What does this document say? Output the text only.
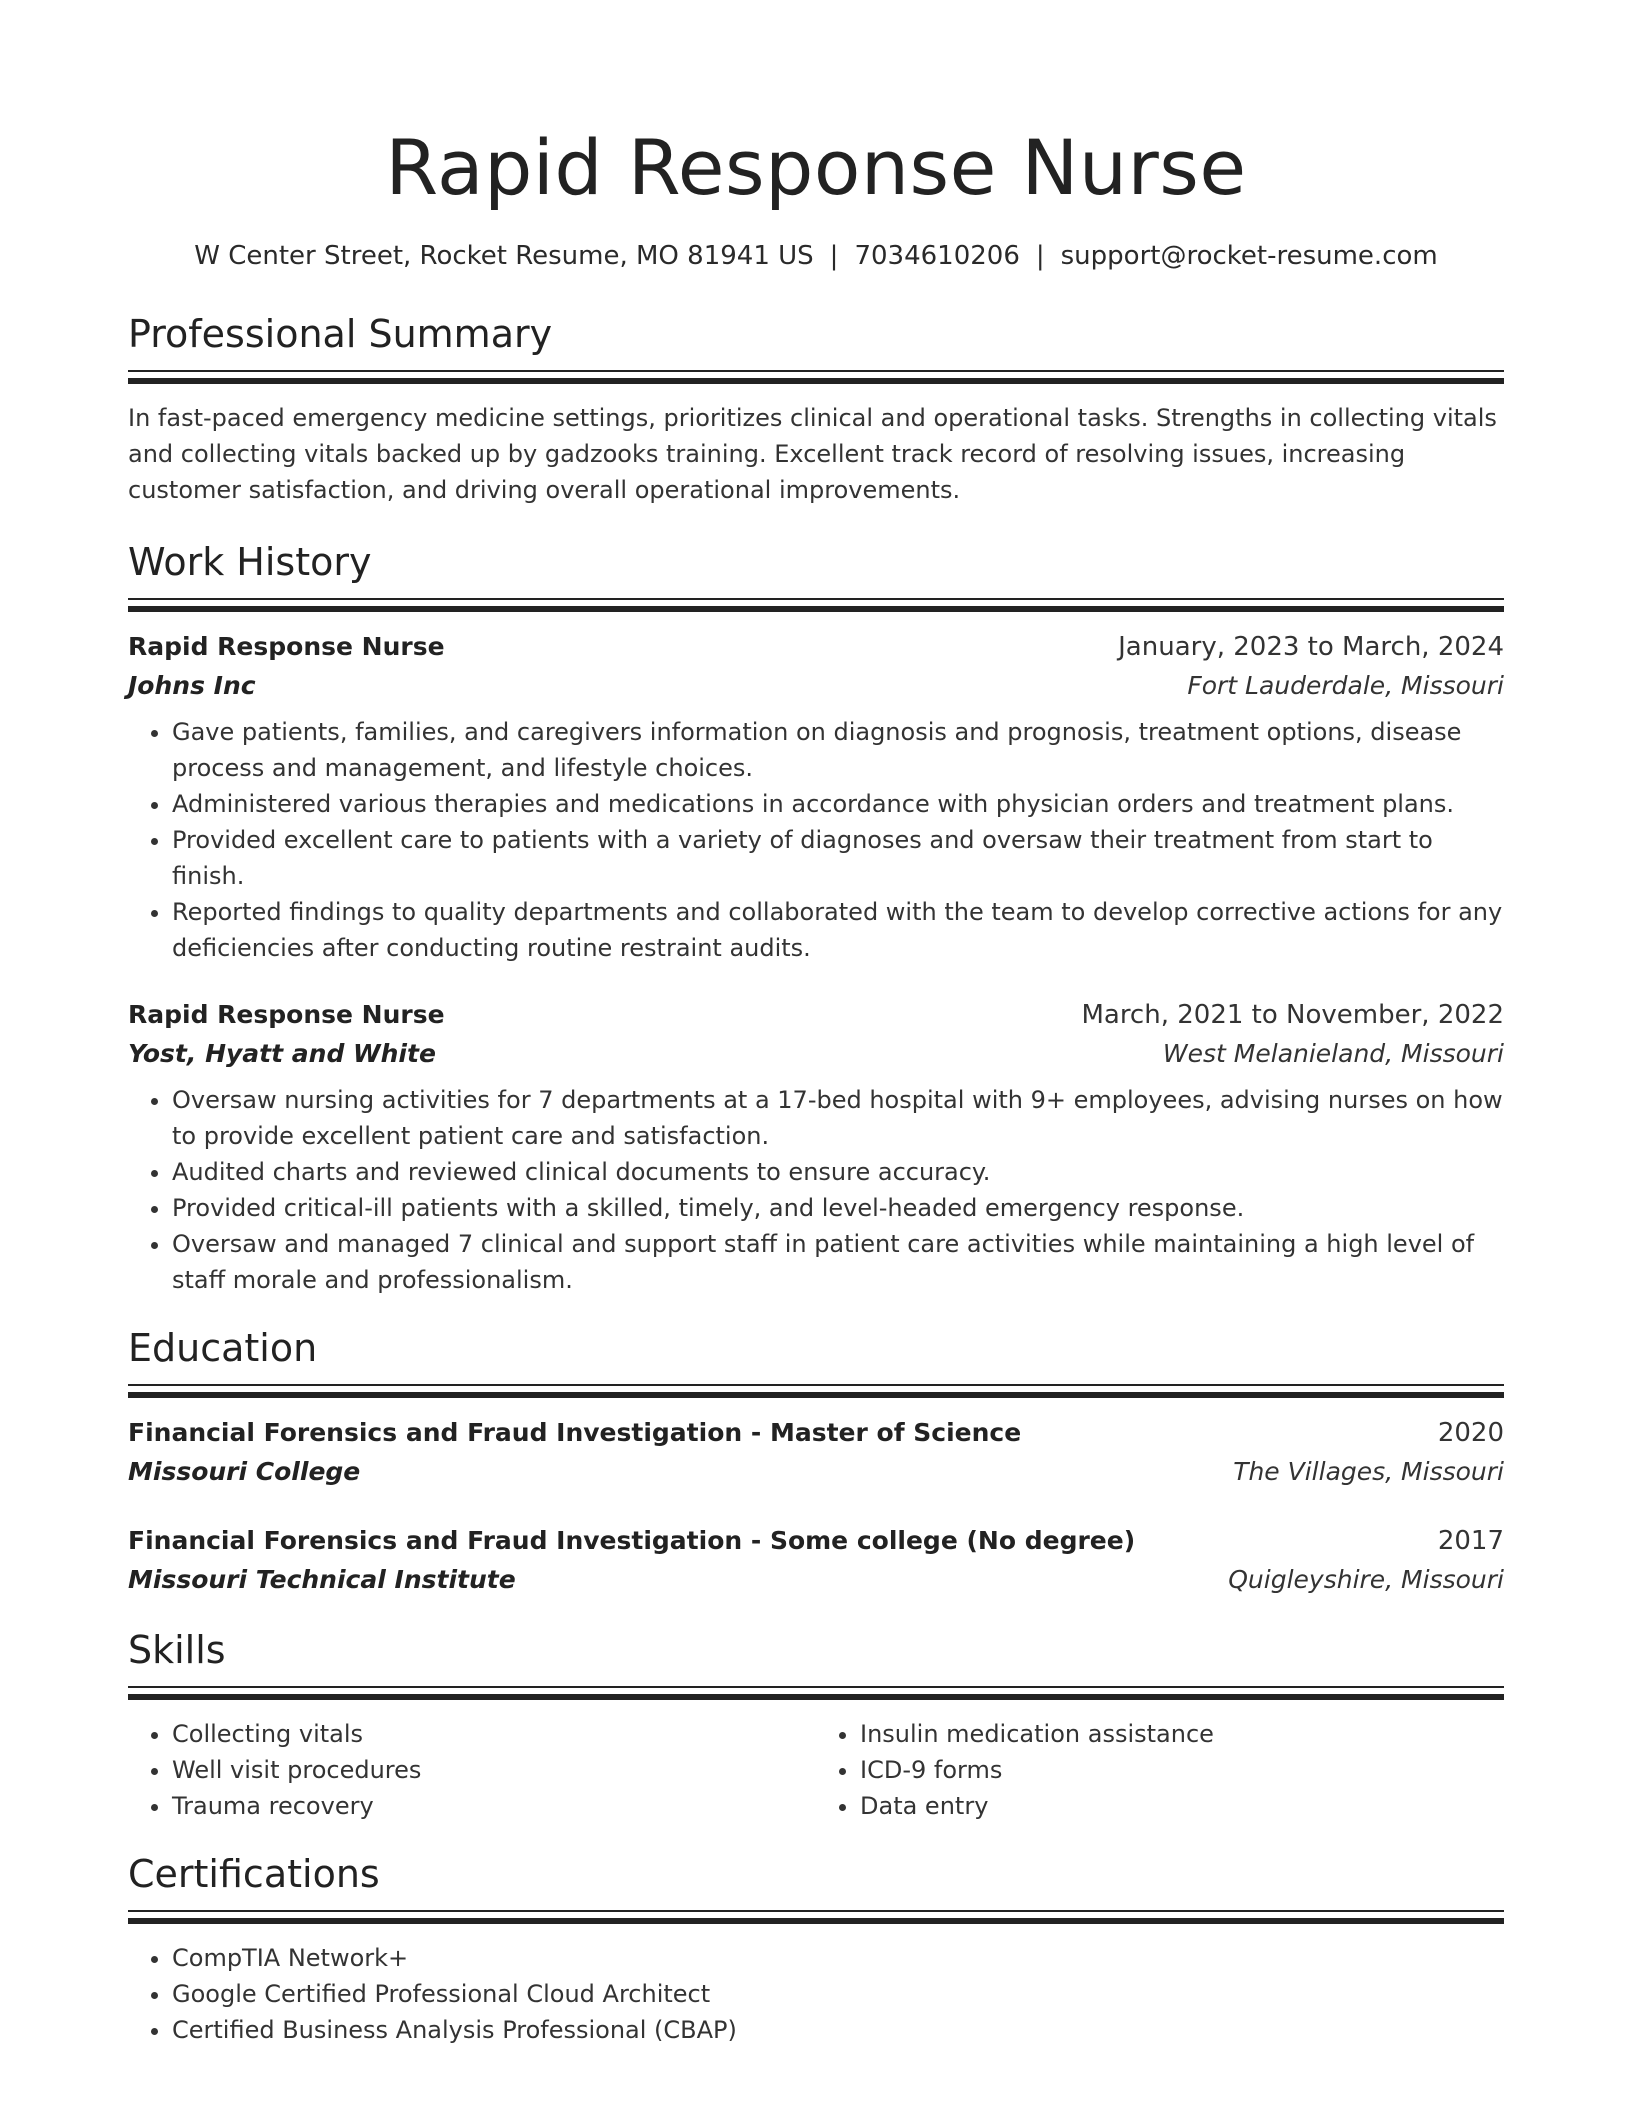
Rapid Response Nurse
W Center Street, Rocket Resume, MO 81941 US | 7034610206 | support@rocket-resume.com
Professional Summary

In fast-paced emergency medicine settings, prioritizes clinical and operational tasks. Strengths in collecting vitals and collecting vitals backed up by gadzooks training. Excellent track record of resolving issues, increasing customer satisfaction, and driving overall operational improvements.

Work History
Rapid Response Nurse	January, 2023 to March, 2024
Johns Inc	Fort Lauderdale, Missouri
• Gave patients, families, and caregivers information on diagnosis and prognosis, treatment options, disease process and management, and lifestyle choices.
• Administered various therapies and medications in accordance with physician orders and treatment plans.
• Provided excellent care to patients with a variety of diagnoses and oversaw their treatment from start to finish.
• Reported findings to quality departments and collaborated with the team to develop corrective actions for any deficiencies after conducting routine restraint audits.
Rapid Response Nurse	March, 2021 to November, 2022
Yost, Hyatt and White	West Melanieland, Missouri
• Oversaw nursing activities for 7 departments at a 17-bed hospital with 9+ employees, advising nurses on how to provide excellent patient care and satisfaction.
• Audited charts and reviewed clinical documents to ensure accuracy.
• Provided critical-ill patients with a skilled, timely, and level-headed emergency response.
• Oversaw and managed 7 clinical and support staff in patient care activities while maintaining a high level of staff morale and professionalism.
Education
Financial Forensics and Fraud Investigation - Master of Science	2020
Missouri College	The Villages, Missouri
Financial Forensics and Fraud Investigation - Some college (No degree)	2017
Missouri Technical Institute	Quigleyshire, Missouri
Skills
• Collecting vitals
• Well visit procedures
• Trauma recovery
• Insulin medication assistance
• ICD-9 forms
• Data entry
Certifications
• CompTIA Network+
• Google Certified Professional Cloud Architect
• Certified Business Analysis Professional (CBAP)
